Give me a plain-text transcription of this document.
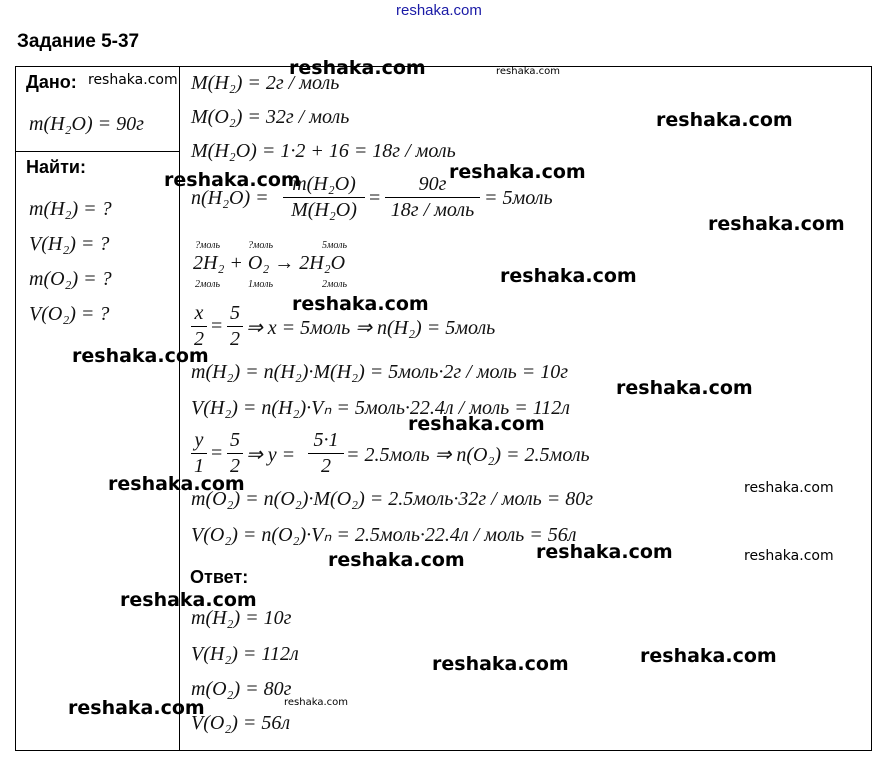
reshaka.com
Задание 5-37
Дано:
m(H₂O) = 90г
Найти:
m(H₂) = ?
V(H₂) = ?
m(O₂) = ?
V(O₂) = ?
M(H₂) = 2г / моль
M(O₂) = 32г / моль
M(H₂O) = 1·2 + 16 = 18г / моль
n(H₂O) =
m(H₂O)
M(H₂O)
=
90г
18г / моль
= 5моль
?моль	?моль	5моль
2H₂ + O₂ → 2H₂O
2моль	1моль	2моль
x
2
=
5
2 ⇒ x = 5моль ⇒ n(H₂) = 5моль
m(H₂) = n(H₂)·M(H₂) = 5моль·2г / моль = 10г
V(H₂) = n(H₂)·Vₙ = 5моль·22.4л / моль = 112л
y
1
=
5
2 ⇒ y =
5·1
2 = 2.5моль ⇒ n(O₂) = 2.5моль
m(O₂) = n(O₂)·M(O₂) = 2.5моль·32г / моль = 80г
V(O₂) = n(O₂)·Vₙ = 2.5моль·22.4л / моль = 56л
Ответ:
m(H₂) = 10г
V(H₂) = 112л
m(O₂) = 80г
V(O₂) = 56л
reshaka.com
reshaka.com	reshaka.com
reshaka.com
reshaka.com
reshaka.com
reshaka.com
reshaka.com
reshaka.com
reshaka.com
reshaka.com
reshaka.com
reshaka.com	reshaka.com
reshaka.com	reshaka.com
reshaka.com
reshaka.com
reshaka.com
reshaka.com
reshaka.com
reshaka.com
